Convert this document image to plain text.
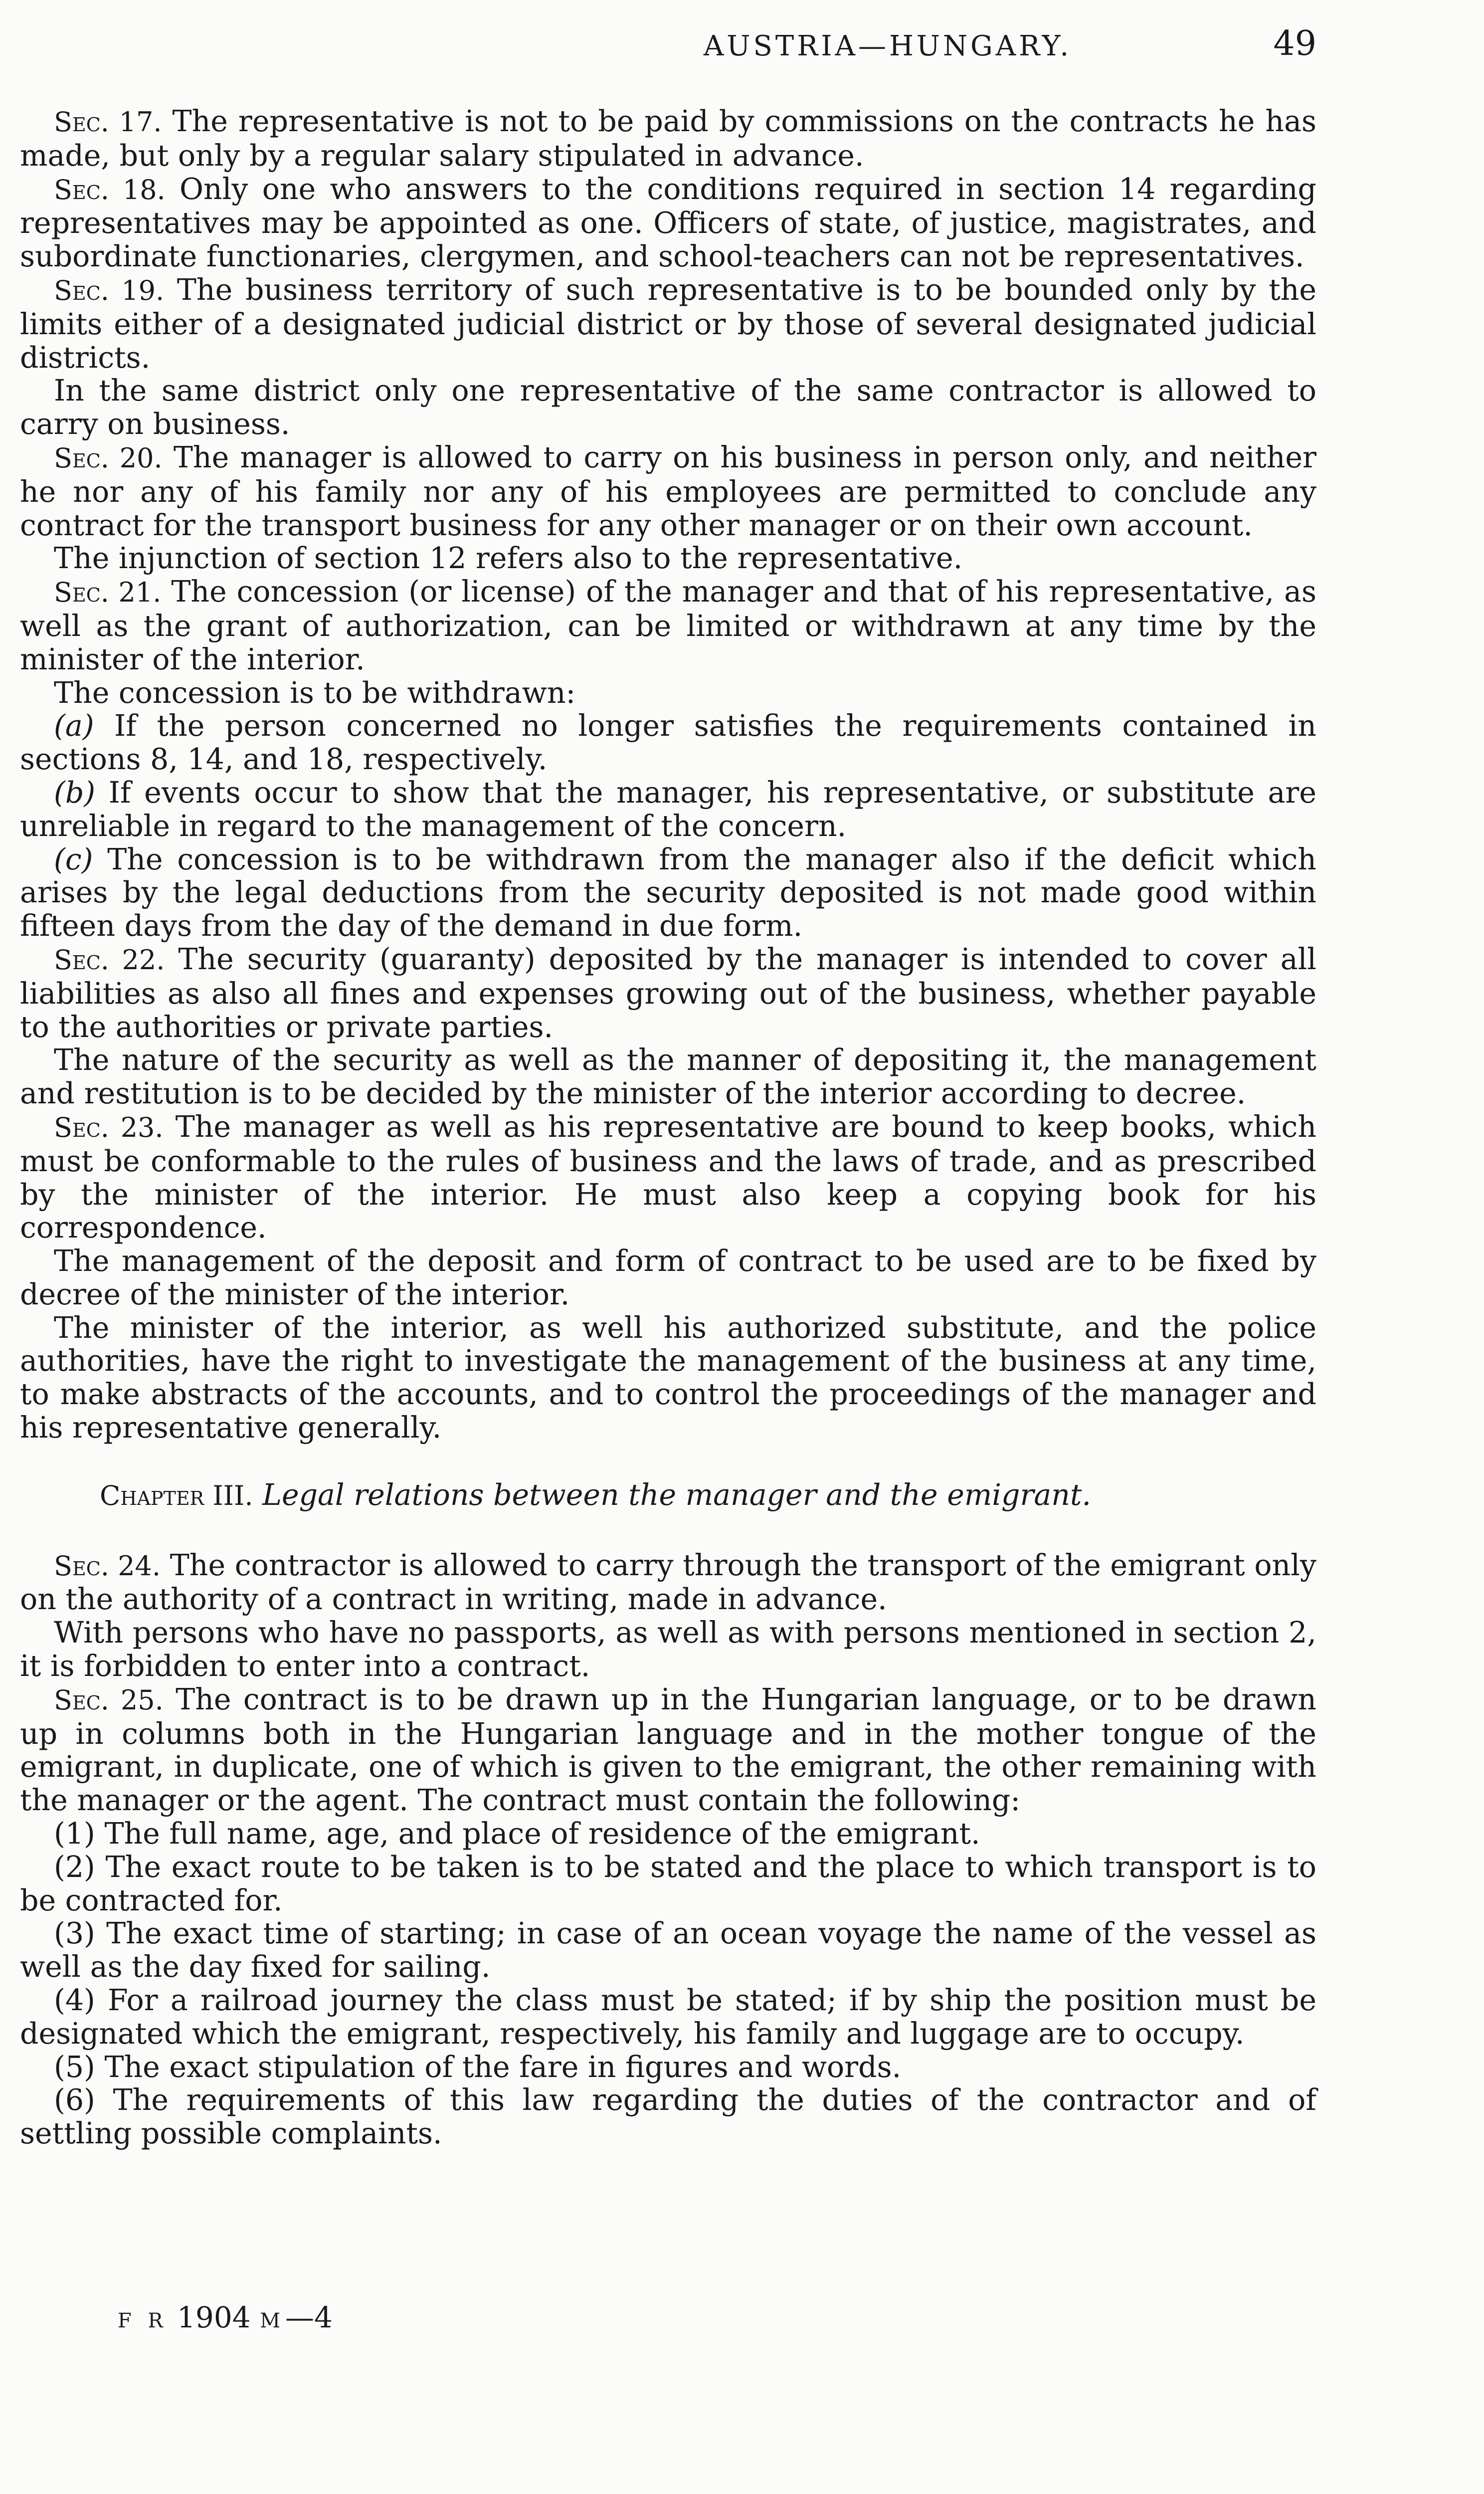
AUSTRIA—HUNGARY.	49

Sec. 17. The representative is not to be paid by commissions on the contracts he has made, but only by a regular salary stipulated in advance.

Sec. 18. Only one who answers to the conditions required in section 14 regarding representatives may be appointed as one. Officers of state, of justice, magistrates, and subordinate functionaries, clergymen, and school-teachers can not be representatives.

Sec. 19. The business territory of such representative is to be bounded only by the limits either of a designated judicial district or by those of several designated judicial districts.

In the same district only one representative of the same contractor is allowed to carry on business.

Sec. 20. The manager is allowed to carry on his business in person only, and neither he nor any of his family nor any of his employees are permitted to conclude any contract for the transport business for any other manager or on their own account.

The injunction of section 12 refers also to the representative.

Sec. 21. The concession (or license) of the manager and that of his representative, as well as the grant of authorization, can be limited or withdrawn at any time by the minister of the interior.

The concession is to be withdrawn:

(a) If the person concerned no longer satisfies the requirements contained in sections 8, 14, and 18, respectively.

(b) If events occur to show that the manager, his representative, or substitute are unreliable in regard to the management of the concern.

(c) The concession is to be withdrawn from the manager also if the deficit which arises by the legal deductions from the security deposited is not made good within fifteen days from the day of the demand in due form.

Sec. 22. The security (guaranty) deposited by the manager is intended to cover all liabilities as also all fines and expenses growing out of the business, whether payable to the authorities or private parties.

The nature of the security as well as the manner of depositing it, the management and restitution is to be decided by the minister of the interior according to decree.

Sec. 23. The manager as well as his representative are bound to keep books, which must be conformable to the rules of business and the laws of trade, and as prescribed by the minister of the interior. He must also keep a copying book for his correspondence.

The management of the deposit and form of contract to be used are to be fixed by decree of the minister of the interior.

The minister of the interior, as well his authorized substitute, and the police authorities, have the right to investigate the management of the business at any time, to make abstracts of the accounts, and to control the proceedings of the manager and his representative generally.

Chapter III. Legal relations between the manager and the emigrant.

Sec. 24. The contractor is allowed to carry through the transport of the emigrant only on the authority of a contract in writing, made in advance.

With persons who have no passports, as well as with persons mentioned in section 2, it is forbidden to enter into a contract.

Sec. 25. The contract is to be drawn up in the Hungarian language, or to be drawn up in columns both in the Hungarian language and in the mother tongue of the emigrant, in duplicate, one of which is given to the emigrant, the other remaining with the manager or the agent. The contract must contain the following:

(1) The full name, age, and place of residence of the emigrant.

(2) The exact route to be taken is to be stated and the place to which transport is to be contracted for.

(3) The exact time of starting; in case of an ocean voyage the name of the vessel as well as the day fixed for sailing.

(4) For a railroad journey the class must be stated; if by ship the position must be designated which the emigrant, respectively, his family and luggage are to occupy.

(5) The exact stipulation of the fare in figures and words.

(6) The requirements of this law regarding the duties of the contractor and of settling possible complaints.

F R 1904 M—4
